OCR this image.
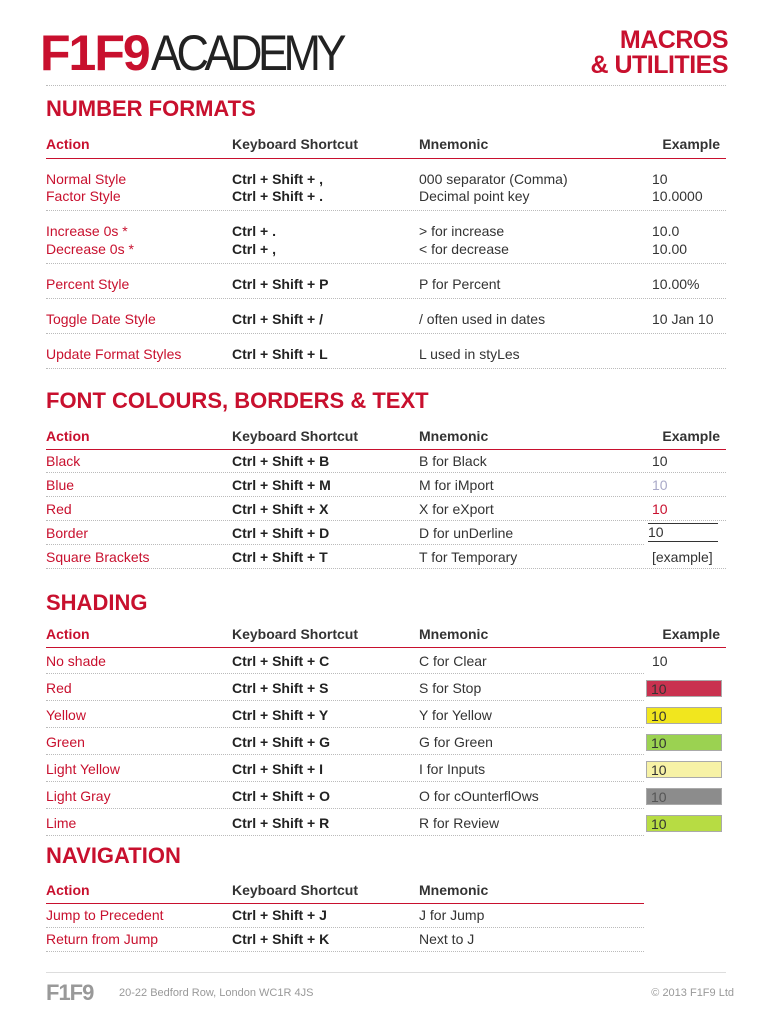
F1F9 ACADEMY	MACROS
& UTILITIES
NUMBER FORMATS
Action	Keyboard Shortcut	Mnemonic	Example
Normal Style	Ctrl + Shift + ,	000 separator (Comma)	10
Factor Style	Ctrl + Shift + .	Decimal point key	10.0000
Increase 0s *	Ctrl + .	> for increase	10.0
Decrease 0s *	Ctrl + ,	< for decrease	10.00
Percent Style	Ctrl + Shift + P	P for Percent	10.00%
Toggle Date Style	Ctrl + Shift + /	/ often used in dates	10 Jan 10
Update Format Styles	Ctrl + Shift + L	L used in styLes
FONT COLOURS, BORDERS & TEXT
Action	Keyboard Shortcut	Mnemonic	Example
Black	Ctrl + Shift + B	B for Black	10
Blue	Ctrl + Shift + M	M for iMport	10
Red	Ctrl + Shift + X	X for eXport	10
Border	Ctrl + Shift + D	D for unDerline	10
Square Brackets	Ctrl + Shift + T	T for Temporary	[example]
SHADING
Action	Keyboard Shortcut	Mnemonic	Example
No shade	Ctrl + Shift + C	C for Clear	10
Red	Ctrl + Shift + S	S for Stop	10
Yellow	Ctrl + Shift + Y	Y for Yellow	10
Green	Ctrl + Shift + G	G for Green	10
Light Yellow	Ctrl + Shift + I	I for Inputs	10
Light Gray	Ctrl + Shift + O	O for cOunterflOws	10
Lime	Ctrl + Shift + R	R for Review	10
NAVIGATION
Action	Keyboard Shortcut	Mnemonic
Jump to Precedent	Ctrl + Shift + J	J for Jump
Return from Jump	Ctrl + Shift + K	Next to J
F1F9 20-22 Bedford Row, London WC1R 4JS	© 2013 F1F9 Ltd
